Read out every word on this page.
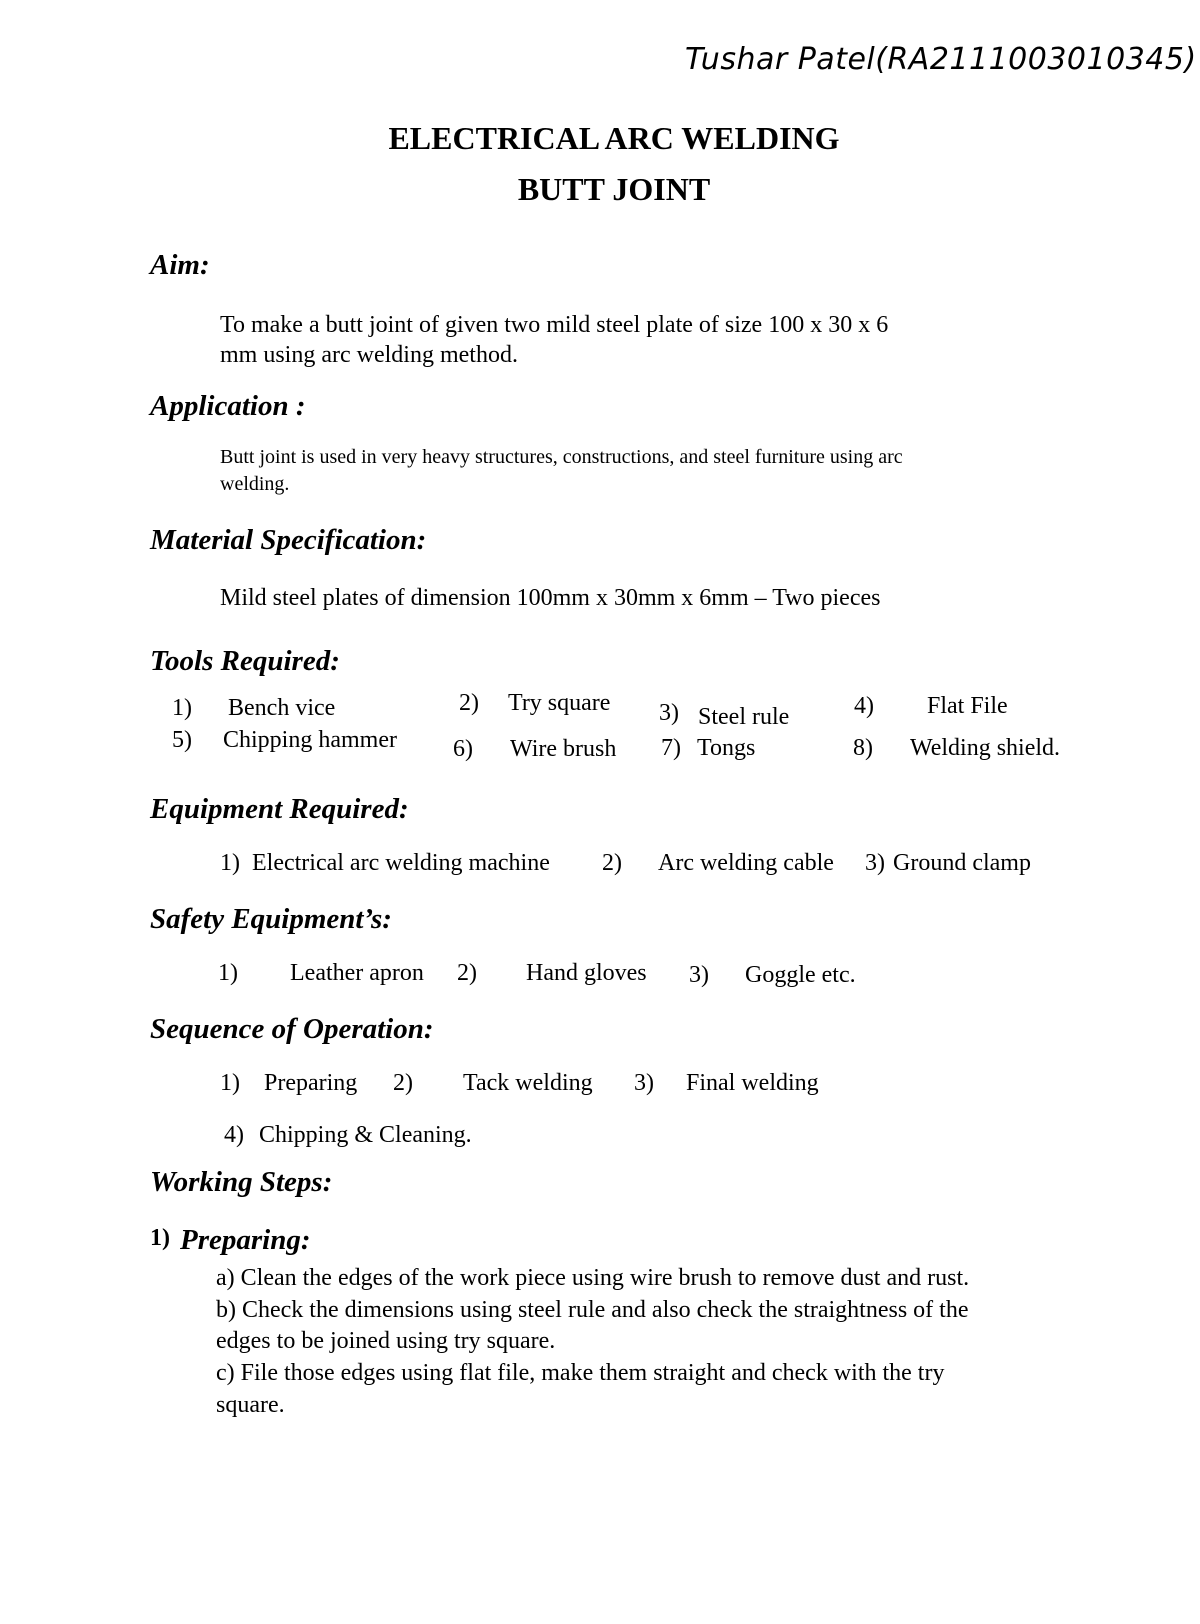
Tushar Patel(RA2111003010345)
ELECTRICAL ARC WELDING
BUTT JOINT
Aim:
To make a butt joint of given two mild steel plate of size 100 x 30 x 6
mm using arc welding method.
Application :
Butt joint is used in very heavy structures, constructions, and steel furniture using arc
welding.
Material Specification:
Mild steel plates of dimension 100mm x 30mm x 6mm – Two pieces
Tools Required:
1) Bench vice	2) Try square 3) Steel rule	4) Flat File
5) Chipping hammer 6) Wire brush 7) Tongs	8) Welding shield.
Equipment Required:
1) Electrical arc welding machine 2) Arc welding cable 3) Ground clamp
Safety Equipment’s:
1) Leather apron 2) Hand gloves 3) Goggle etc.
Sequence of Operation:
1) Preparing 2) Tack welding 3) Final welding
4) Chipping & Cleaning.
Working Steps:
1) Preparing:
a) Clean the edges of the work piece using wire brush to remove dust and rust.
b) Check the dimensions using steel rule and also check the straightness of the
edges to be joined using try square.
c) File those edges using flat file, make them straight and check with the try
square.
